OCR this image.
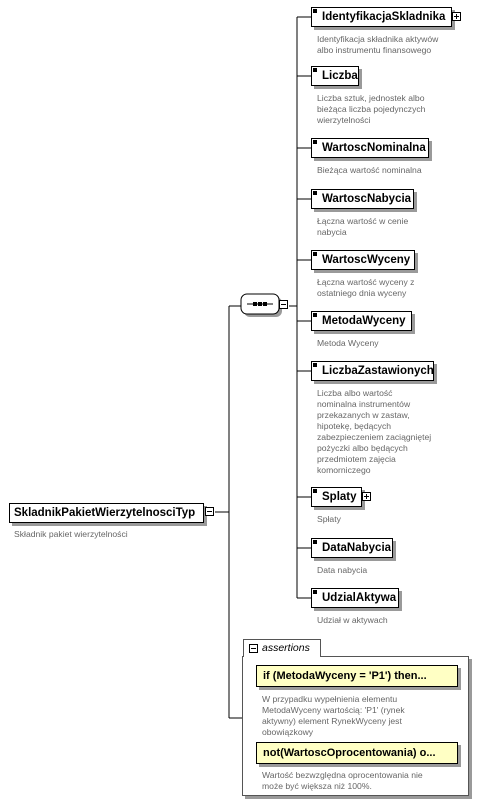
SkladnikPakietWierzytelnosciTyp
Składnik pakiet wierzytelności
IdentyfikacjaSkladnika
Identyfikacja składnika aktywów
albo instrumentu finansowego
Liczba
Liczba sztuk, jednostek albo
bieżąca liczba pojedynczych
wierzytelności
WartoscNominalna
Bieżąca wartość nominalna
WartoscNabycia
Łączna wartość w cenie
nabycia
WartoscWyceny
Łączna wartość wyceny z
ostatniego dnia wyceny
MetodaWyceny
Metoda Wyceny
LiczbaZastawionych
Liczba albo wartość
nominalna instrumentów
przekazanych w zastaw,
hipotekę, będących
zabezpieczeniem zaciągniętej
pożyczki albo będących
przedmiotem zajęcia
komorniczego
Splaty
Spłaty
DataNabycia
Data nabycia
UdzialAktywa
Udział w aktywach
assertions
if (MetodaWyceny = 'P1') then...
W przypadku wypełnienia elementu
MetodaWyceny wartością: 'P1' (rynek
aktywny) element RynekWyceny jest
obowiązkowy
not(WartoscOprocentowania) o...
Wartość bezwzględna oprocentowania nie
może być większa niż 100%.
